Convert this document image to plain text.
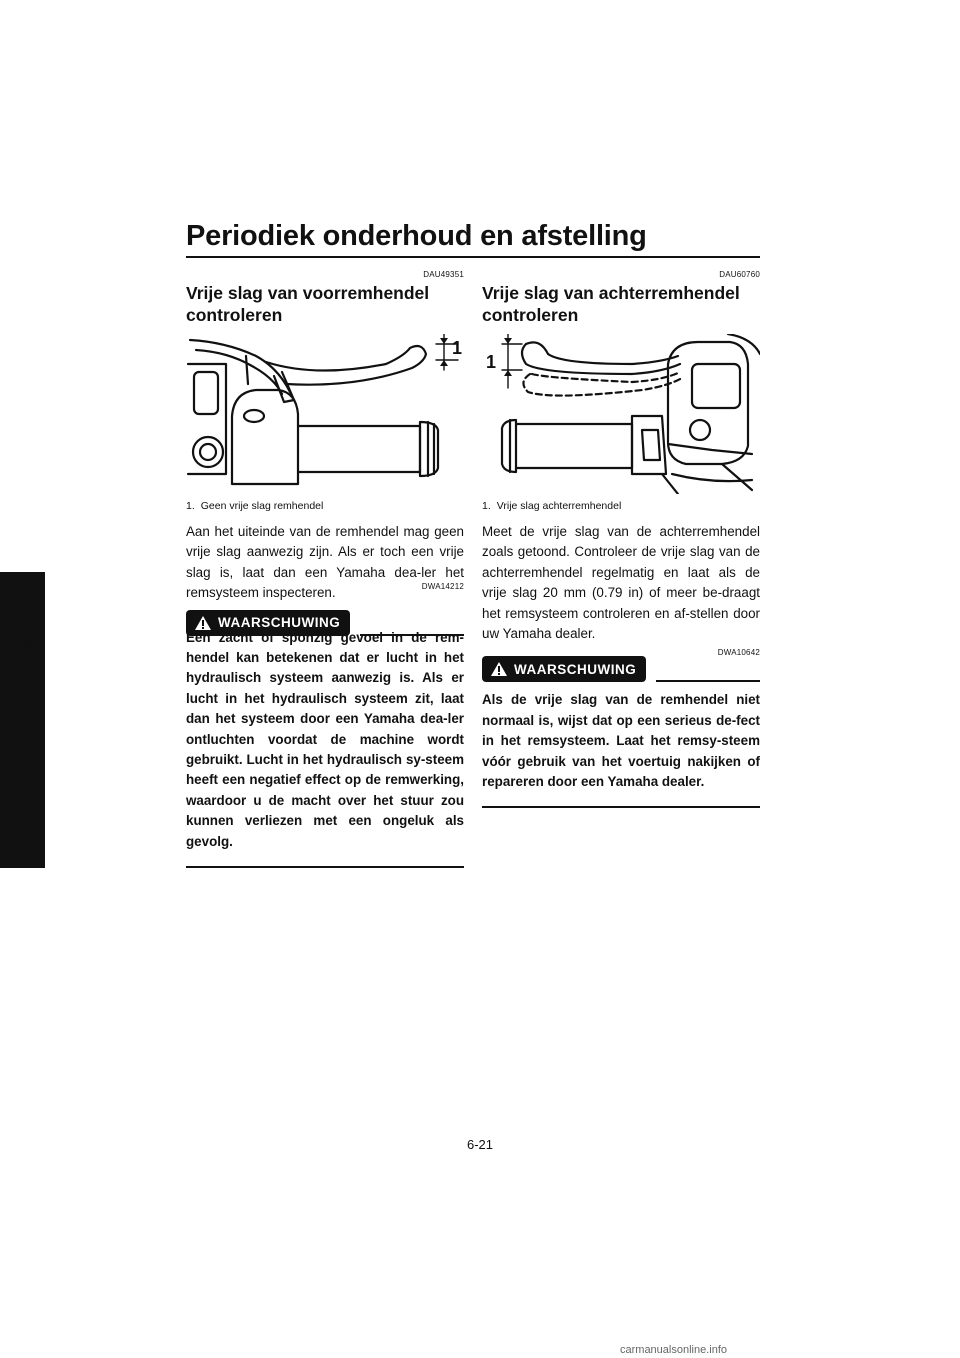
Periodiek onderhoud en afstelling
6
DAU49351
Vrije slag van voorremhendel controleren
1
1. Geen vrije slag remhendel
Aan het uiteinde van de remhendel mag geen vrije slag aanwezig zijn. Als er toch een vrije slag is, laat dan een Yamaha dea-ler het remsysteem inspecteren.
WAARSCHUWING
DWA14212
Een zacht of sponzig gevoel in de rem-hendel kan betekenen dat er lucht in het hydraulisch systeem aanwezig is. Als er lucht in het hydraulisch systeem zit, laat dan het systeem door een Yamaha dea-ler ontluchten voordat de machine wordt gebruikt. Lucht in het hydraulisch sy-steem heeft een negatief effect op de remwerking, waardoor u de macht over het stuur zou kunnen verliezen met een ongeluk als gevolg.
DAU60760
Vrije slag van achterremhendel controleren
1
1. Vrije slag achterremhendel
Meet de vrije slag van de achterremhendel zoals getoond. Controleer de vrije slag van de achterremhendel regelmatig en laat als de vrije slag 20 mm (0.79 in) of meer be-draagt het remsysteem controleren en af-stellen door uw Yamaha dealer.
DWA10642
WAARSCHUWING
Als de vrije slag van de remhendel niet normaal is, wijst dat op een serieus de-fect in het remsysteem. Laat het remsy-steem vóór gebruik van het voertuig nakijken of repareren door een Yamaha dealer.
6-21
carmanualsonline.info
